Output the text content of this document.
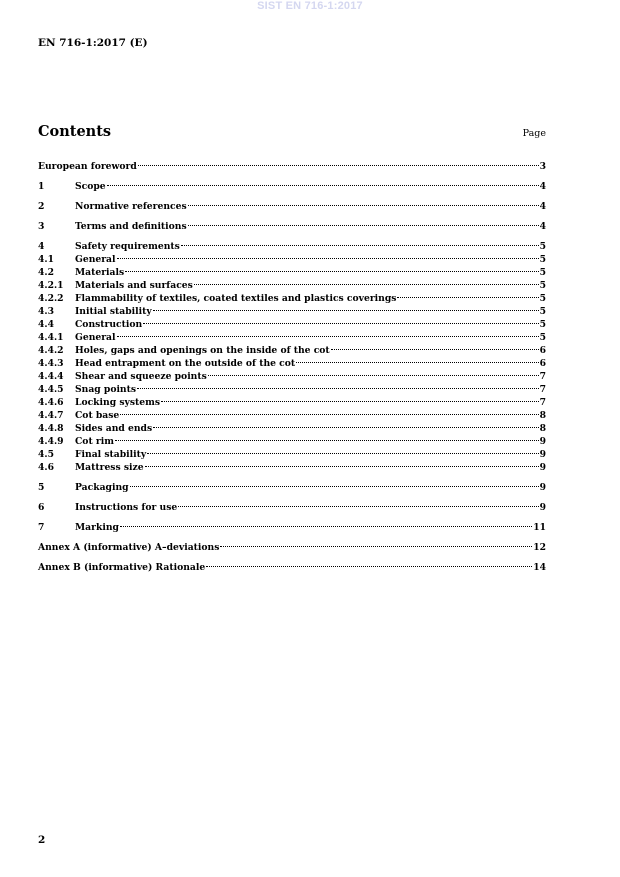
SIST EN 716-1:2017
EN 716-1:2017 (E)
Contents	Page
European foreword	3
1	Scope	4
2	Normative references	4
3	Terms and definitions	4
4	Safety requirements	5
4.1	General	5
4.2	Materials	5
4.2.1	Materials and surfaces	5
4.2.2	Flammability of textiles, coated textiles and plastics coverings	5
4.3	Initial stability	5
4.4	Construction	5
4.4.1	General	5
4.4.2	Holes, gaps and openings on the inside of the cot	6
4.4.3	Head entrapment on the outside of the cot	6
4.4.4	Shear and squeeze points	7
4.4.5	Snag points	7
4.4.6	Locking systems	7
4.4.7	Cot base	8
4.4.8	Sides and ends	8
4.4.9	Cot rim	9
4.5	Final stability	9
4.6	Mattress size	9
5	Packaging	9
6	Instructions for use	9
7	Marking	11
Annex A (informative) A–deviations	12
Annex B (informative) Rationale	14
2
